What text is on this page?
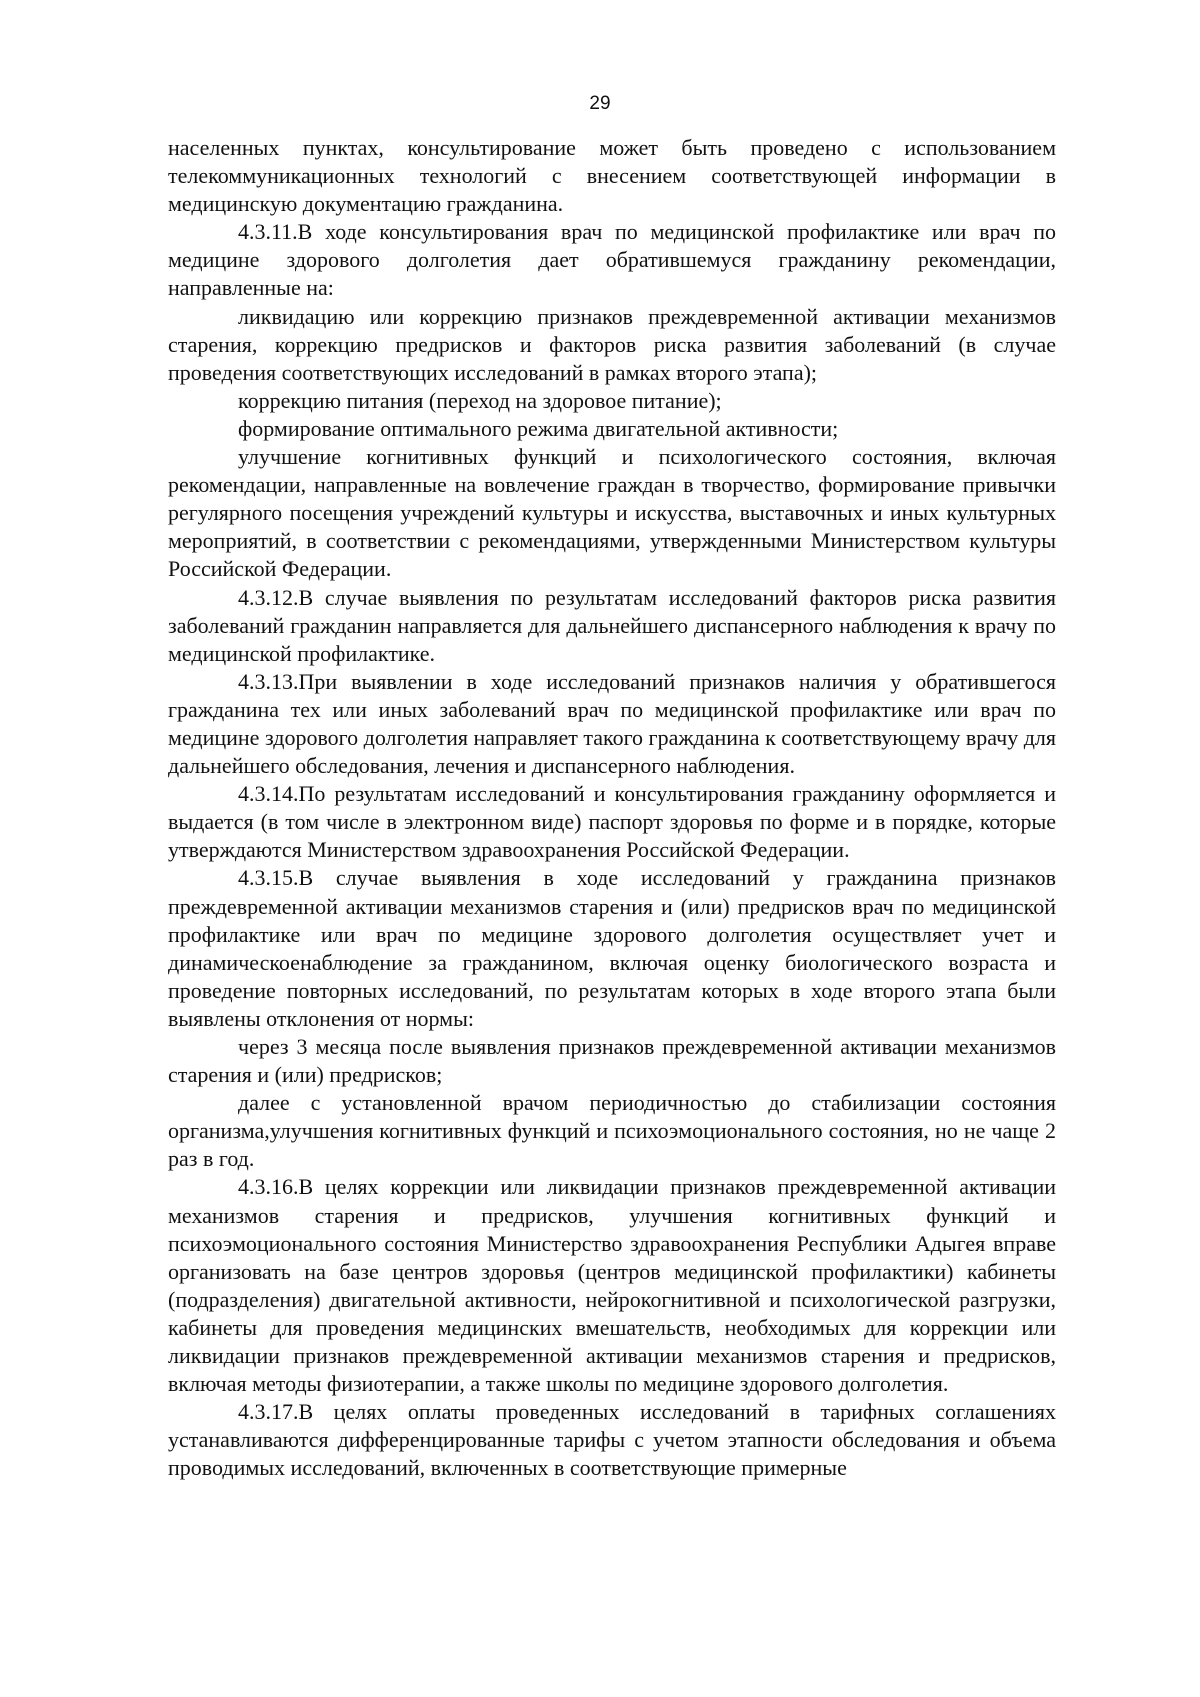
29

населенных пунктах, консультирование может быть проведено с использованием телекоммуникационных технологий с внесением соответствующей информации в медицинскую документацию гражданина.

4.3.11.В ходе консультирования врач по медицинской профилактике или врач по медицине здорового долголетия дает обратившемуся гражданину рекомендации, направленные на:

ликвидацию или коррекцию признаков преждевременной активации механизмов старения, коррекцию предрисков и факторов риска развития заболеваний (в случае проведения соответствующих исследований в рамках второго этапа);

коррекцию питания (переход на здоровое питание);

формирование оптимального режима двигательной активности;

улучшение когнитивных функций и психологического состояния, включая рекомендации, направленные на вовлечение граждан в творчество, формирование привычки регулярного посещения учреждений культуры и искусства, выставочных и иных культурных мероприятий, в соответствии с рекомендациями, утвержденными Министерством культуры Российской Федерации.

4.3.12.В случае выявления по результатам исследований факторов риска развития заболеваний гражданин направляется для дальнейшего диспансерного наблюдения к врачу по медицинской профилактике.

4.3.13.При выявлении в ходе исследований признаков наличия у обратившегося гражданина тех или иных заболеваний врач по медицинской профилактике или врач по медицине здорового долголетия направляет такого гражданина к соответствующему врачу для дальнейшего обследования, лечения и диспансерного наблюдения.

4.3.14.По результатам исследований и консультирования гражданину оформляется и выдается (в том числе в электронном виде) паспорт здоровья по форме и в порядке, которые утверждаются Министерством здравоохранения Российской Федерации.

4.3.15.В случае выявления в ходе исследований у гражданина признаков преждевременной активации механизмов старения и (или) предрисков врач по медицинской профилактике или врач по медицине здорового долголетия осуществляет учет и динамическоенаблюдение за гражданином, включая оценку биологического возраста и проведение повторных исследований, по результатам которых в ходе второго этапа были выявлены отклонения от нормы:

через 3 месяца после выявления признаков преждевременной активации механизмов старения и (или) предрисков;

далее с установленной врачом периодичностью до стабилизации состояния организма,улучшения когнитивных функций и психоэмоционального состояния, но не чаще 2 раз в год.

4.3.16.В целях коррекции или ликвидации признаков преждевременной активации механизмов старения и предрисков, улучшения когнитивных функций и психоэмоционального состояния Министерство здравоохранения Республики Адыгея вправе организовать на базе центров здоровья (центров медицинской профилактики) кабинеты (подразделения) двигательной активности, нейрокогнитивной и психологической разгрузки, кабинеты для проведения медицинских вмешательств, необходимых для коррекции или ликвидации признаков преждевременной активации механизмов старения и предрисков, включая методы физиотерапии, а также школы по медицине здорового долголетия.

4.3.17.В целях оплаты проведенных исследований в тарифных соглашениях устанавливаются дифференцированные тарифы с учетом этапности обследования и объема проводимых исследований, включенных в соответствующие примерные
